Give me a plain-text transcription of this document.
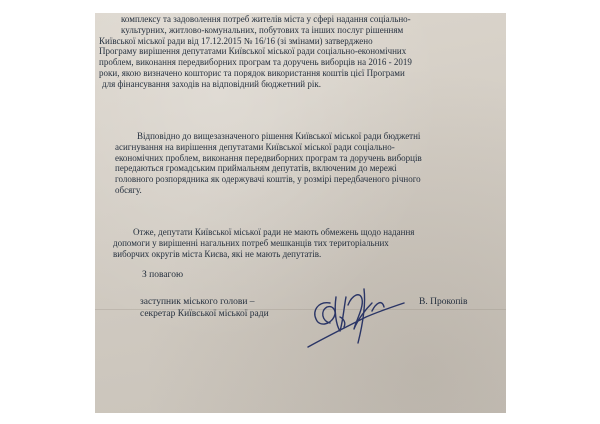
комплексу та задоволення потреб жителів міста у сфері надання соціально-

культурних, житлово-комунальних, побутових та інших послуг рішенням

Київської міської ради від 17.12.2015 № 16/16 (зі змінами) затверджено

Програму вирішення депутатами Київської міської ради соціально-економічних

проблем, виконання передвиборних програм та доручень виборців на 2016 - 2019

роки, якою визначено кошторис та порядок використання коштів цієї Програми

для фінансування заходів на відповідний бюджетний рік.

Відповідно до вищезазначеного рішення Київської міської ради бюджетні

асигнування на вирішення депутатами Київської міської ради соціально-

економічних проблем, виконання передвиборних програм та доручень виборців

передаються громадським приймальням депутатів, включеним до мережі

головного розпорядника як одержувачі коштів, у розмірі передбаченого річного

обсягу.

Отже, депутати Київської міської ради не мають обмежень щодо надання

допомоги у вирішенні нагальних потреб мешканців тих територіальних

виборчих округів міста Києва, які не мають депутатів.

З повагою

заступник міського голови –

секретар Київської міської ради

В. Прокопів
